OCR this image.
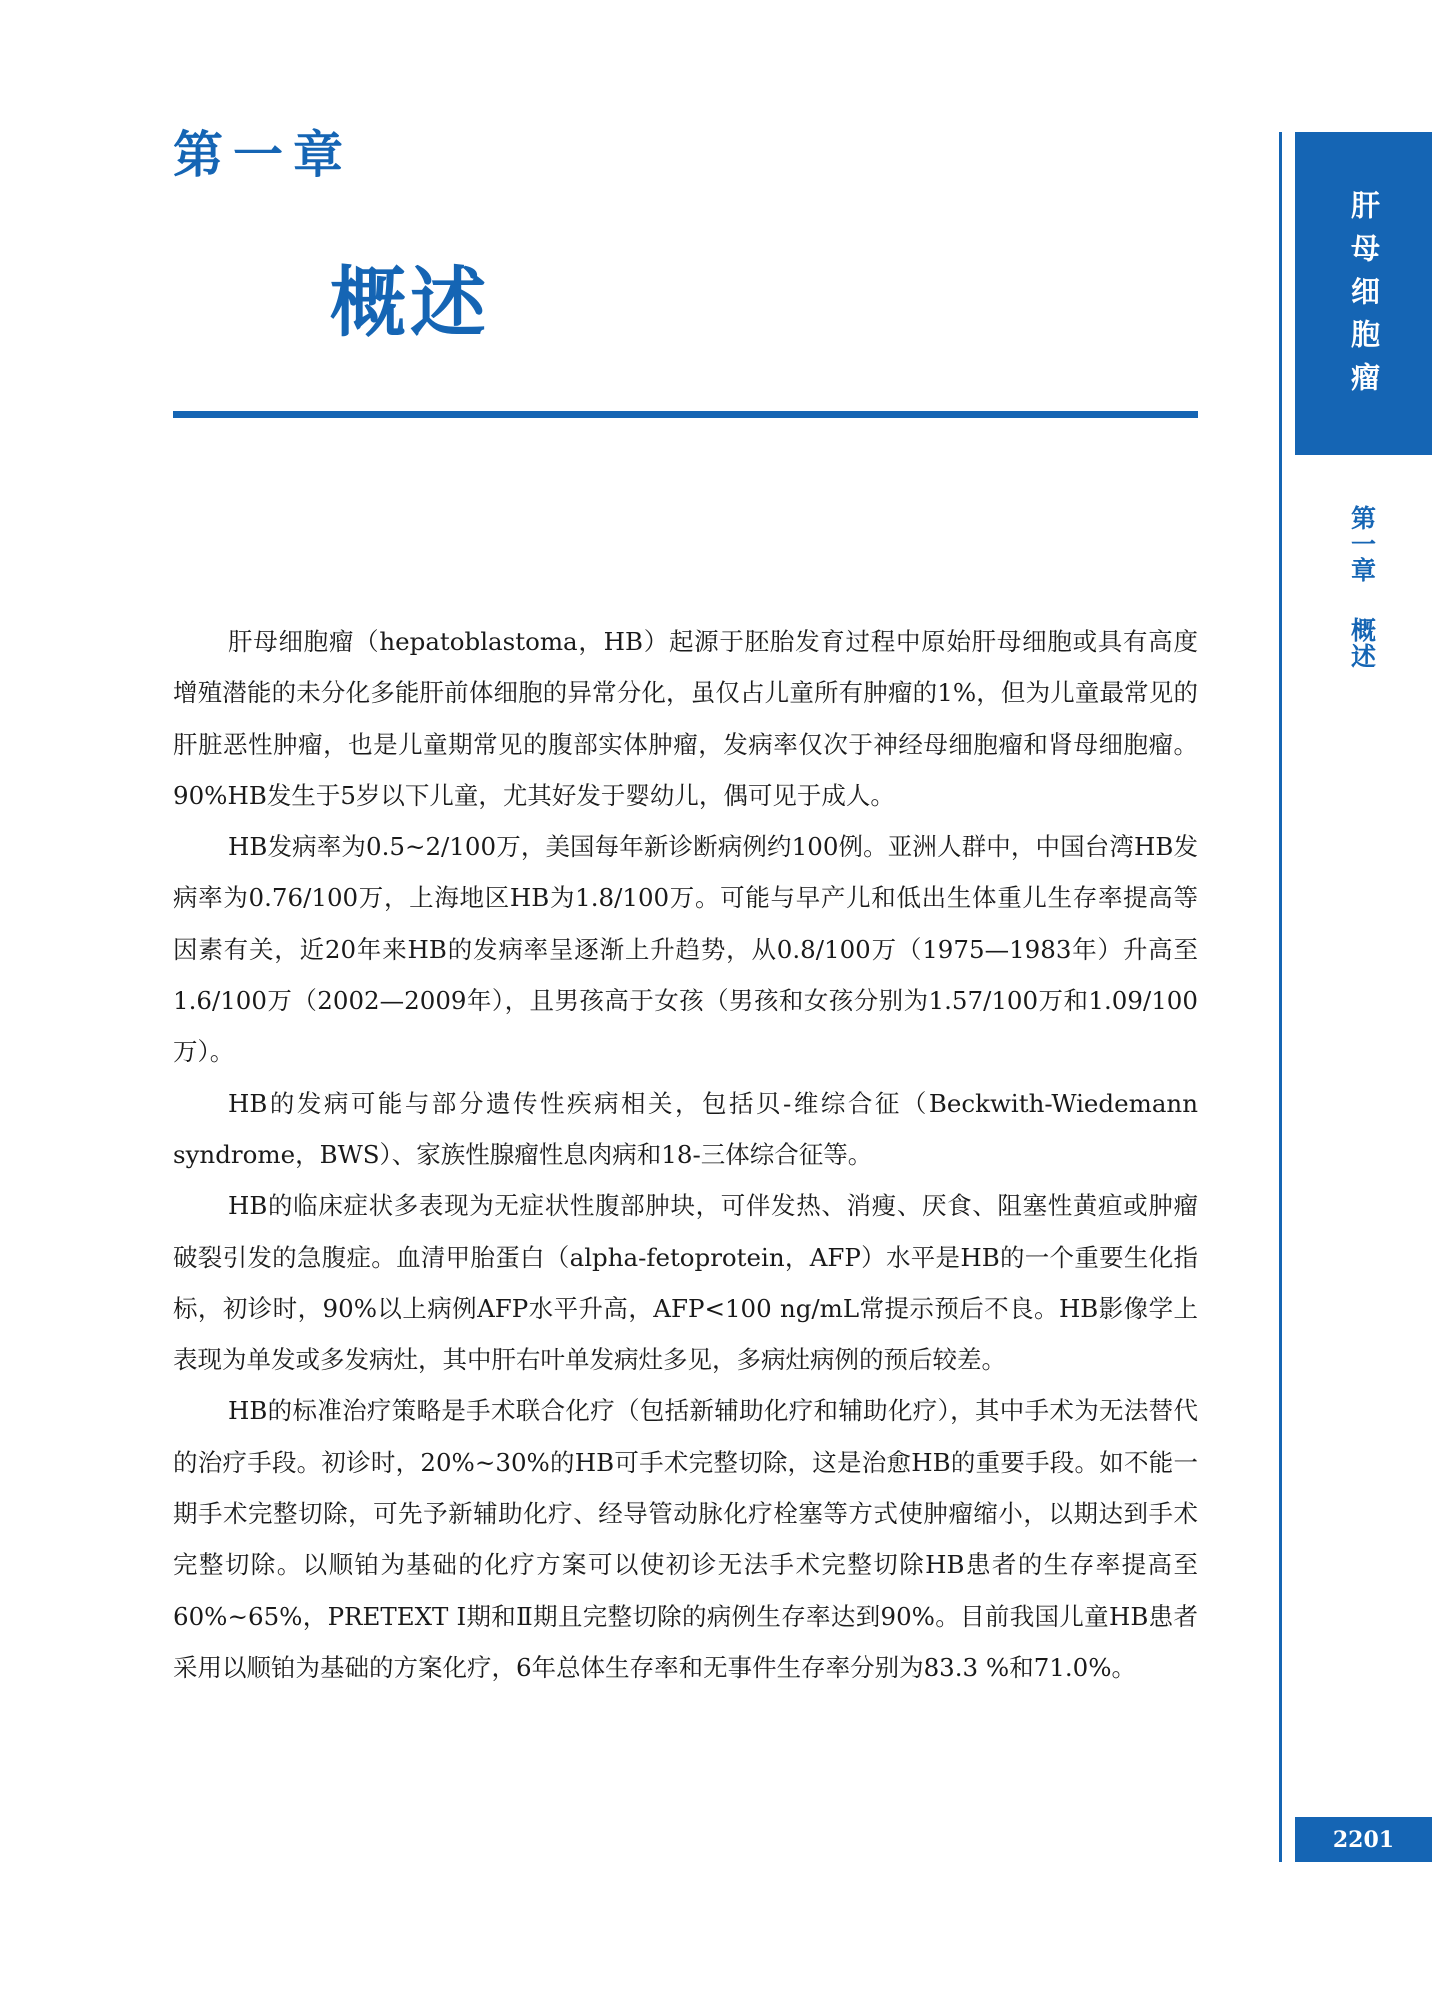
第一章
概述	肝母细胞瘤
第一章
概述
2201

肝母细胞瘤（hepatoblastoma，HB）起源于胚胎发育过程中原始肝母细胞或具有高度增殖潜能的未分化多能肝前体细胞的异常分化，虽仅占儿童所有肿瘤的1%，但为儿童最常见的肝脏恶性肿瘤，也是儿童期常见的腹部实体肿瘤，发病率仅次于神经母细胞瘤和肾母细胞瘤。90%HB发生于5岁以下儿童，尤其好发于婴幼儿，偶可见于成人。

HB发病率为0.5~2/100万，美国每年新诊断病例约100例。亚洲人群中，中国台湾HB发病率为0.76/100万，上海地区HB为1.8/100万。可能与早产儿和低出生体重儿生存率提高等因素有关，近20年来HB的发病率呈逐渐上升趋势，从0.8/100万（1975—1983年）升高至1.6/100万（2002—2009年），且男孩高于女孩（男孩和女孩分别为1.57/100万和1.09/100万）。

HB的发病可能与部分遗传性疾病相关，包括贝-维综合征（Beckwith-Wiedemann syndrome，BWS）、家族性腺瘤性息肉病和18-三体综合征等。

HB的临床症状多表现为无症状性腹部肿块，可伴发热、消瘦、厌食、阻塞性黄疸或肿瘤破裂引发的急腹症。血清甲胎蛋白（alpha-fetoprotein，AFP）水平是HB的一个重要生化指标，初诊时，90%以上病例AFP水平升高，AFP<100 ng/mL常提示预后不良。HB影像学上表现为单发或多发病灶，其中肝右叶单发病灶多见，多病灶病例的预后较差。

HB的标准治疗策略是手术联合化疗（包括新辅助化疗和辅助化疗），其中手术为无法替代的治疗手段。初诊时，20%~30%的HB可手术完整切除，这是治愈HB的重要手段。如不能一期手术完整切除，可先予新辅助化疗、经导管动脉化疗栓塞等方式使肿瘤缩小，以期达到手术完整切除。以顺铂为基础的化疗方案可以使初诊无法手术完整切除HB患者的生存率提高至60%~65%，PRETEXT Ⅰ期和Ⅱ期且完整切除的病例生存率达到90%。目前我国儿童HB患者采用以顺铂为基础的方案化疗，6年总体生存率和无事件生存率分别为83.3 %和71.0%。
